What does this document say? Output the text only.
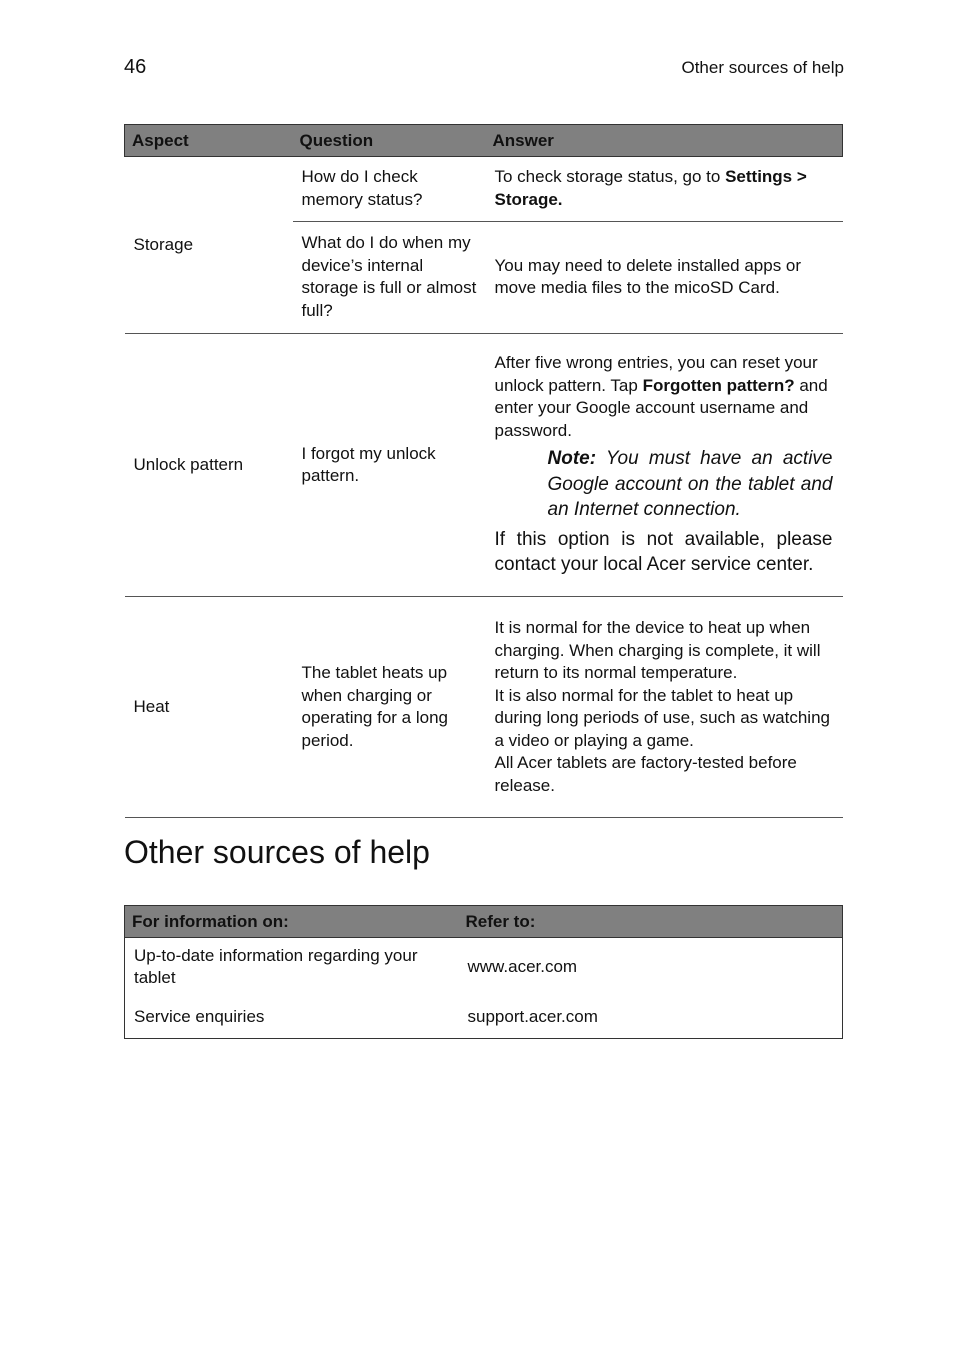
46	Other sources of help
Aspect	Question	Answer
Storage	How do I check memory status?	To check storage status, go to Settings > Storage.
	What do I do when my device’s internal storage is full or almost full?	You may need to delete installed apps or move media files to the micoSD Card.
Unlock pattern	I forgot my unlock pattern.	After five wrong entries, you can reset your unlock pattern. Tap Forgotten pattern? and enter your Google account username and password.
Note: You must have an active Google account on the tablet and an Internet connection.
If this option is not available, please contact your local Acer service center.

Heat	The tablet heats up when charging or operating for a long period.	It is normal for the device to heat up when charging. When charging is complete, it will return to its normal temperature.
It is also normal for the tablet to heat up during long periods of use, such as watching a video or playing a game.
All Acer tablets are factory-tested before release.
Other sources of help
For information on:	Refer to:
Up-to-date information regarding your tablet	www.acer.com
Service enquiries	support.acer.com
